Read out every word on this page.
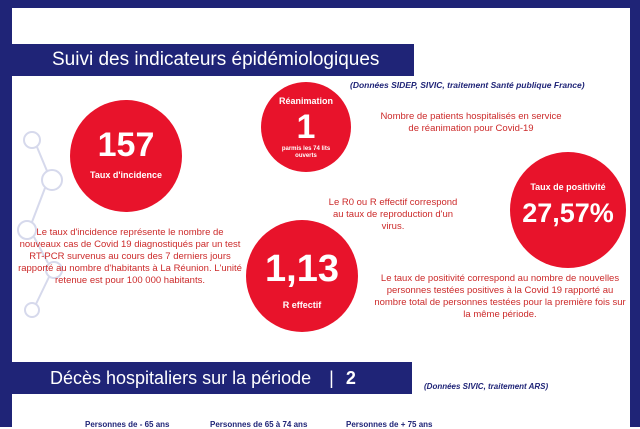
Suivi des indicateurs épidémiologiques
(Données SIDEP, SIVIC, traitement Santé publique France)
157
Taux d'incidence
Réanimation
1
parmis les 74 lits ouverts
1,13
R effectif
Taux de positivité
27,57%
Nombre de patients hospitalisés en service de réanimation pour Covid-19
Le R0 ou R effectif correspond au taux de reproduction d'un virus.
Le taux d'incidence représente le nombre de nouveaux cas de Covid 19 diagnostiqués par un test RT-PCR survenus au cours des 7 derniers jours rapporté au nombre d'habitants à La Réunion. L'unité retenue est pour 100 000 habitants.	Le taux de positivité correspond au nombre de nouvelles personnes testées positives à la Covid 19 rapporté au nombre total de personnes testées pour la première fois sur la même période.
Décès hospitaliers sur la période | 2	(Données SIVIC, traitement ARS)
Personnes de - 65 ans	Personnes de 65 à 74 ans	Personnes de + 75 ans
